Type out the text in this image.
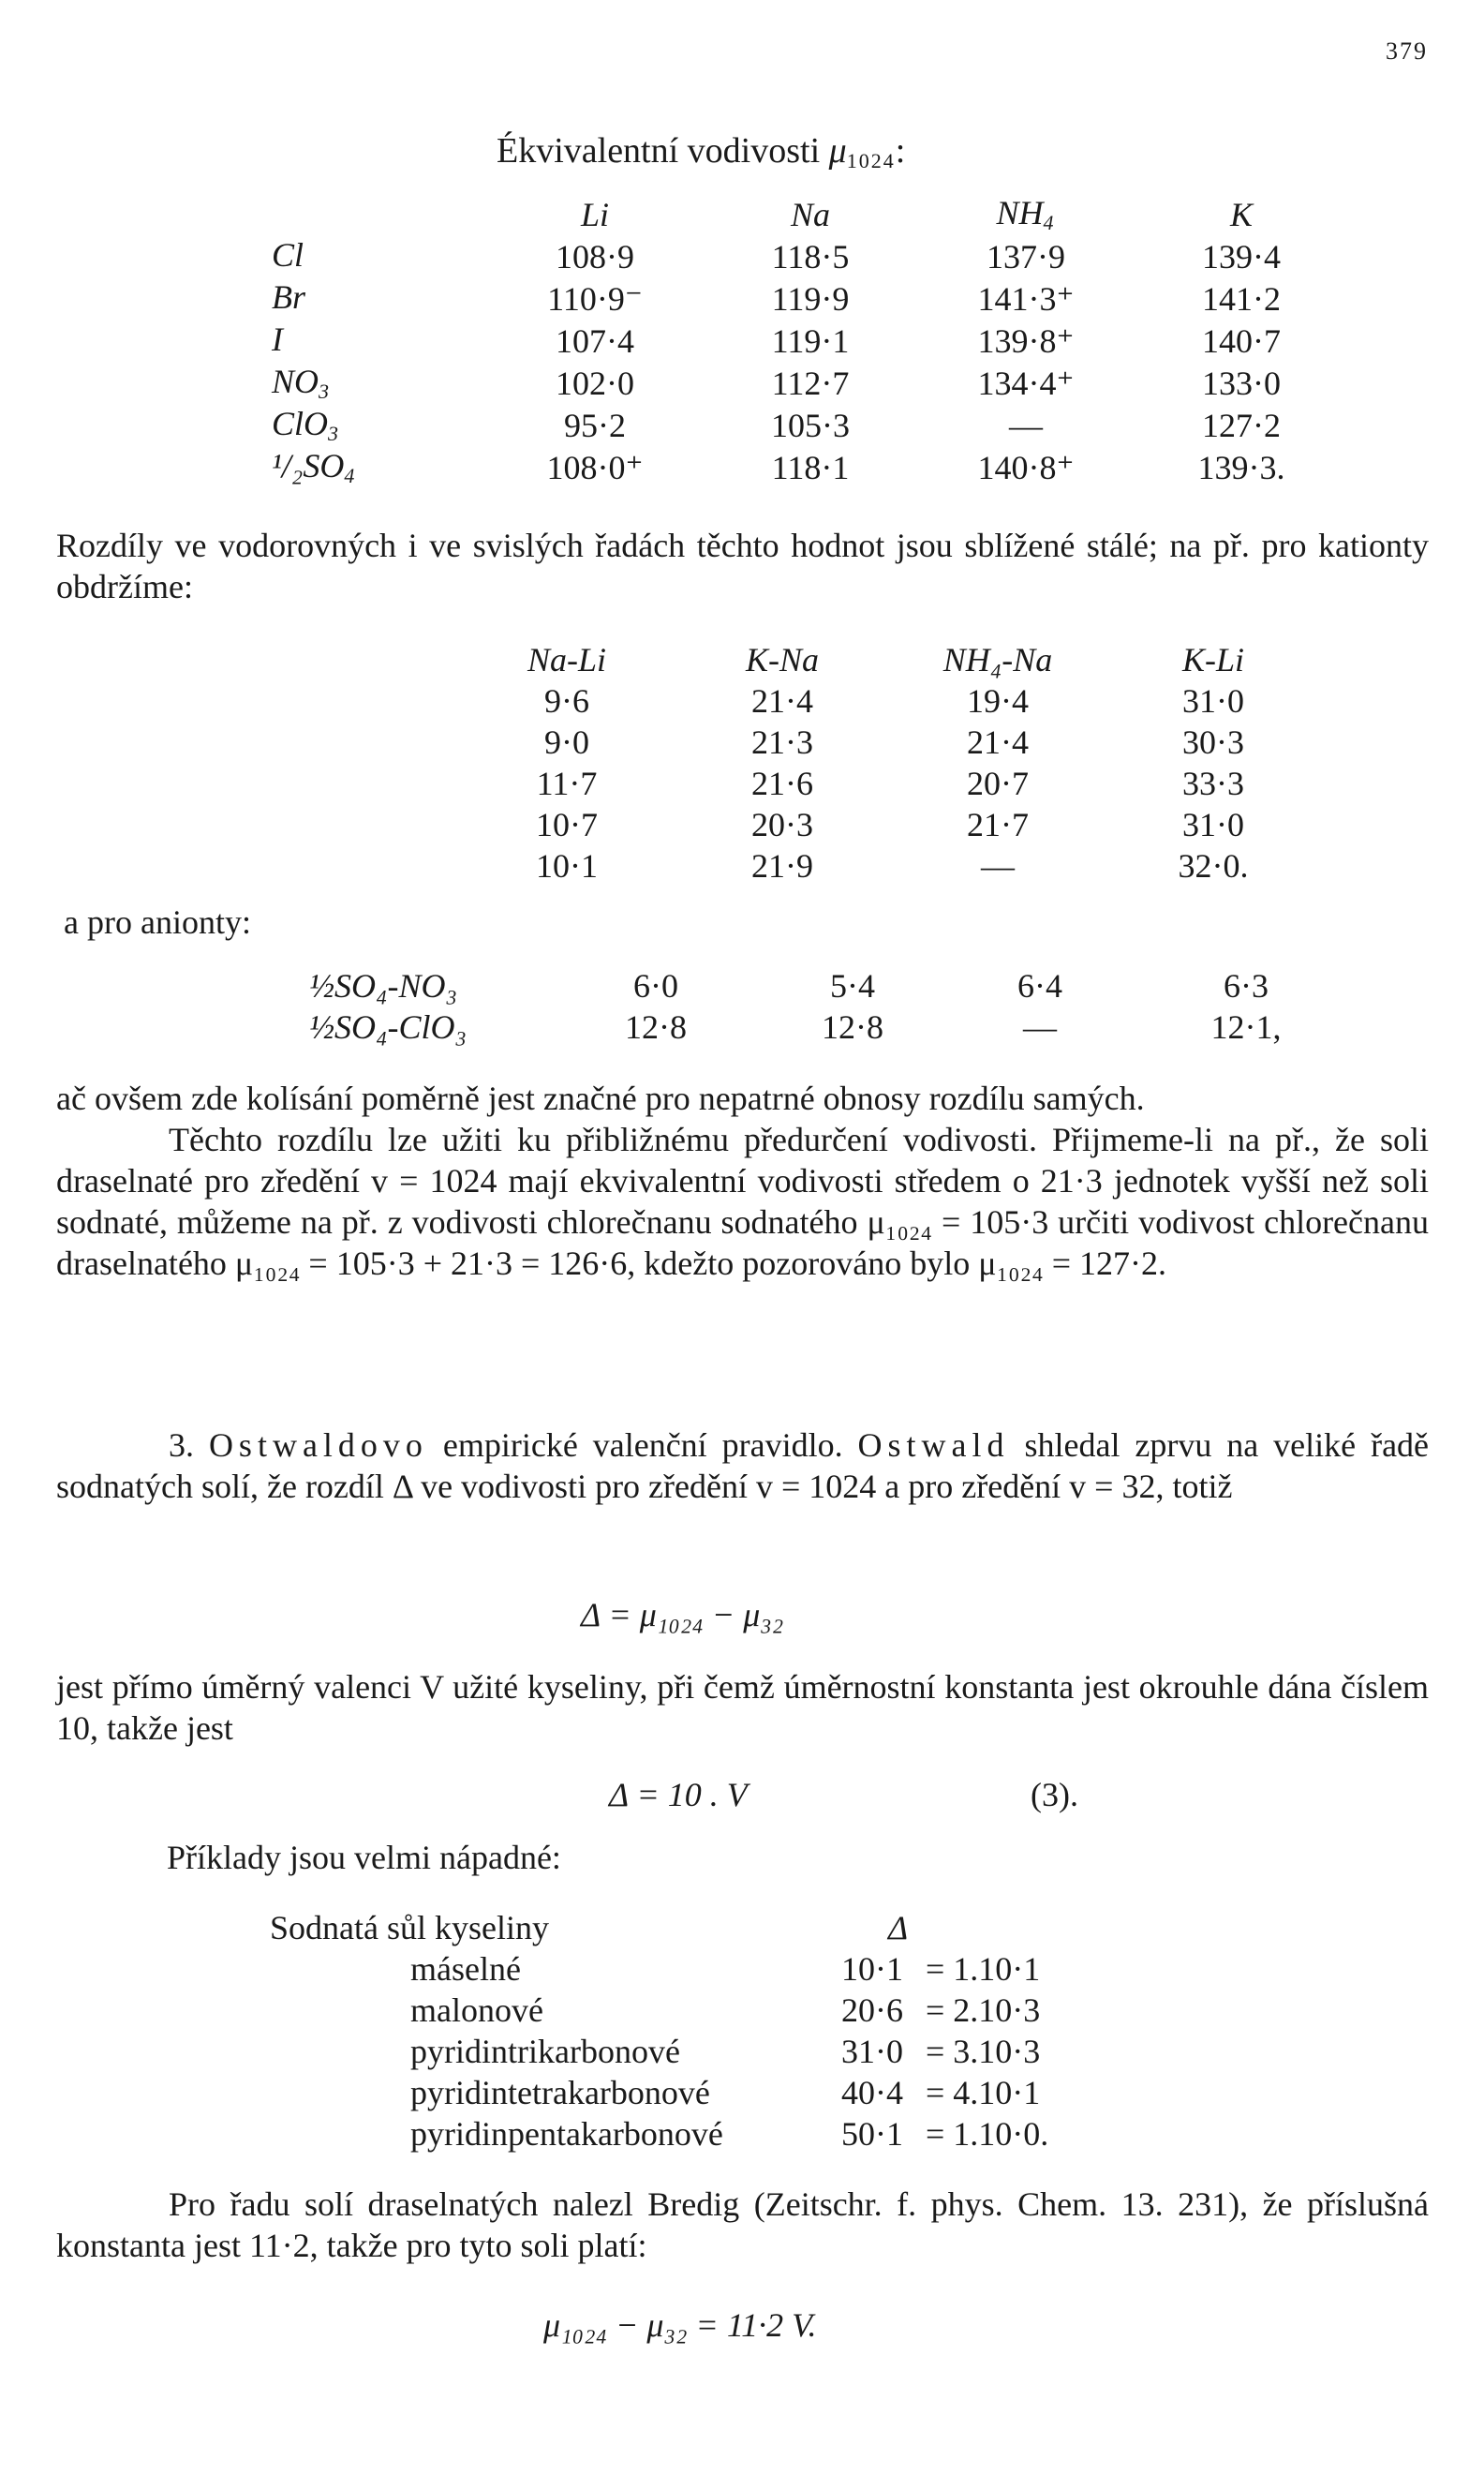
379
Ékvivalentní vodivosti $\mu_{1024}$:
	Li	Na	$NH_4$	K
Cl	108·9	118·5	137·9	139·4
Br	110·9⁻	119·9	141·3⁺	141·2
I	107·4	119·1	139·8⁺	140·7
$NO_3$	102·0	112·7	134·4⁺	133·0
ClO$_3$	95·2	105·3	—	127·2
$^1/_2SO_4$	108·0⁺	118·1	140·8⁺	139·3.

Rozdíly ve vodorovných i ve svislých řadách těchto hodnot jsou sblížené stálé; na př. pro kationty obdržíme:

Na-Li	K-Na	NH₄-Na	K-Li
9·6	21·4	19·4	31·0
9·0	21·3	21·4	30·3
11·7	21·6	20·7	33·3
10·7	20·3	21·7	31·0
10·1	21·9	—	32·0.
a pro anionty:
½SO₄-NO₃	6·0	5·4	6·4	6·3
½SO₄-ClO₃	12·8	12·8	—	12·1,

ač ovšem zde kolísání poměrně jest značné pro nepatrné obnosy rozdílu samých.

Těchto rozdílu lze užiti ku přibližnému předurčení vodivosti. Přijmeme-li na př., že soli draselnaté pro zředění v = 1024 mají ekvivalentní vodivosti středem o 21·3 jednotek vyšší než soli sodnaté, můžeme na př. z vodivosti chlorečnanu sodnatého μ₁₀₂₄ = 105·3 určiti vodivost chlorečnanu draselnatého μ₁₀₂₄ = 105·3 + 21·3 = 126·6, kdežto pozorováno bylo μ₁₀₂₄ = 127·2.

3. Ostwaldovo empirické valenční pravidlo. Ostwald shledal zprvu na veliké řadě sodnatých solí, že rozdíl Δ ve vodivosti pro zředění v = 1024 a pro zředění v = 32, totiž

Δ = μ₁₀₂₄ − μ₃₂

jest přímo úměrný valenci V užité kyseliny, při čemž úměrnostní konstanta jest okrouhle dána číslem 10, takže jest

Δ = 10 . V	(3).
Příklady jsou velmi nápadné:
Sodnatá sůl kyseliny	Δ
máselné	10·1 = 1.10·1
malonové	20·6 = 2.10·3
pyridintrikarbonové	31·0 = 3.10·3
pyridintetrakarbonové	40·4 = 4.10·1
pyridinpentakarbonové	50·1 = 1.10·0.

Pro řadu solí draselnatých nalezl Bredig (Zeitschr. f. phys. Chem. 13. 231), že příslušná konstanta jest 11·2, takže pro tyto soli platí:

μ₁₀₂₄ − μ₃₂ = 11·2 V.
